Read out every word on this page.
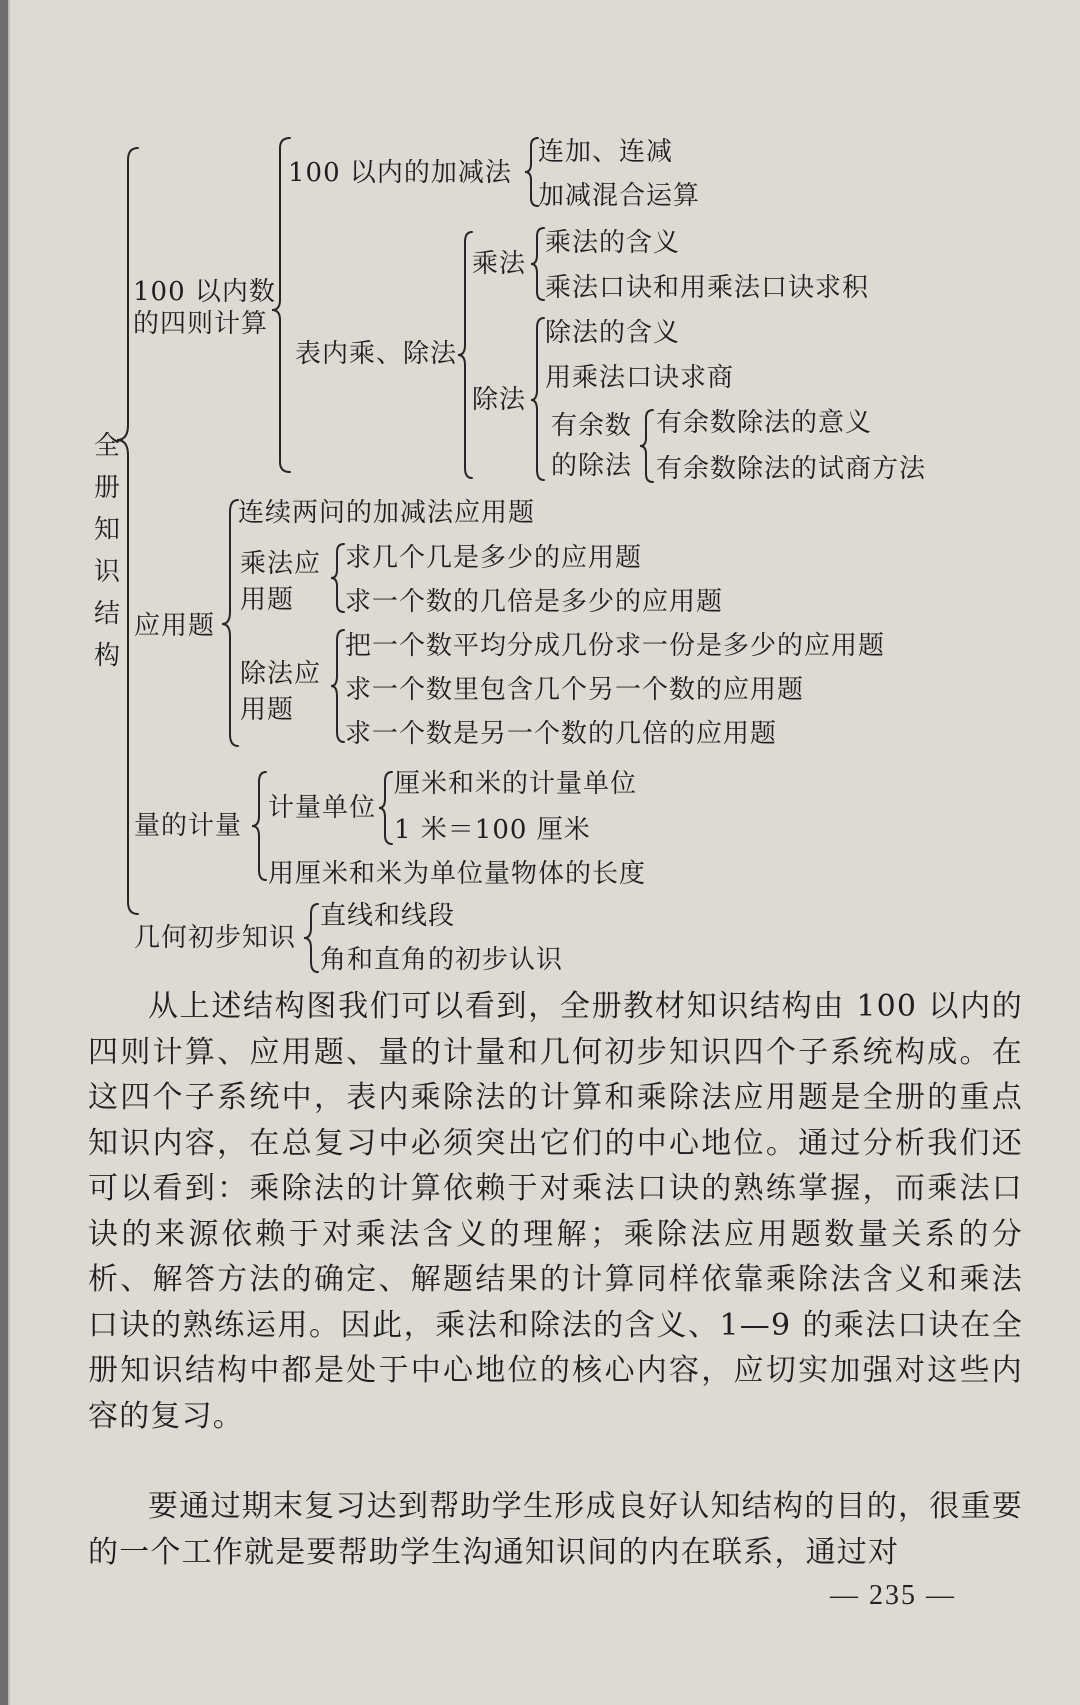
全册知识结构
100 以内数
的四则计算
100 以内的加减法
连加、连减
加减混合运算
表内乘、除法
乘法
乘法的含义
乘法口诀和用乘法口诀求积
除法
除法的含义
用乘法口诀求商
有余数
的除法
有余数除法的意义
有余数除法的试商方法
应用题
连续两问的加减法应用题
乘法应
用题
求几个几是多少的应用题
求一个数的几倍是多少的应用题
除法应
用题
把一个数平均分成几份求一份是多少的应用题
求一个数里包含几个另一个数的应用题
求一个数是另一个数的几倍的应用题
量的计量
计量单位
厘米和米的计量单位
1 米＝100 厘米
用厘米和米为单位量物体的长度
几何初步知识
直线和线段
角和直角的初步认识
从上述结构图我们可以看到，全册教材知识结构由 100 以内的四则计算、应用题、量的计量和几何初步知识四个子系统构成。在这四个子系统中，表内乘除法的计算和乘除法应用题是全册的重点知识内容，在总复习中必须突出它们的中心地位。通过分析我们还可以看到：乘除法的计算依赖于对乘法口诀的熟练掌握，而乘法口诀的来源依赖于对乘法含义的理解；乘除法应用题数量关系的分析、解答方法的确定、解题结果的计算同样依靠乘除法含义和乘法口诀的熟练运用。因此，乘法和除法的含义、1—9 的乘法口诀在全册知识结构中都是处于中心地位的核心内容，应切实加强对这些内容的复习。
要通过期末复习达到帮助学生形成良好认知结构的目的，很重要的一个工作就是要帮助学生沟通知识间的内在联系，通过对
— 235 —
